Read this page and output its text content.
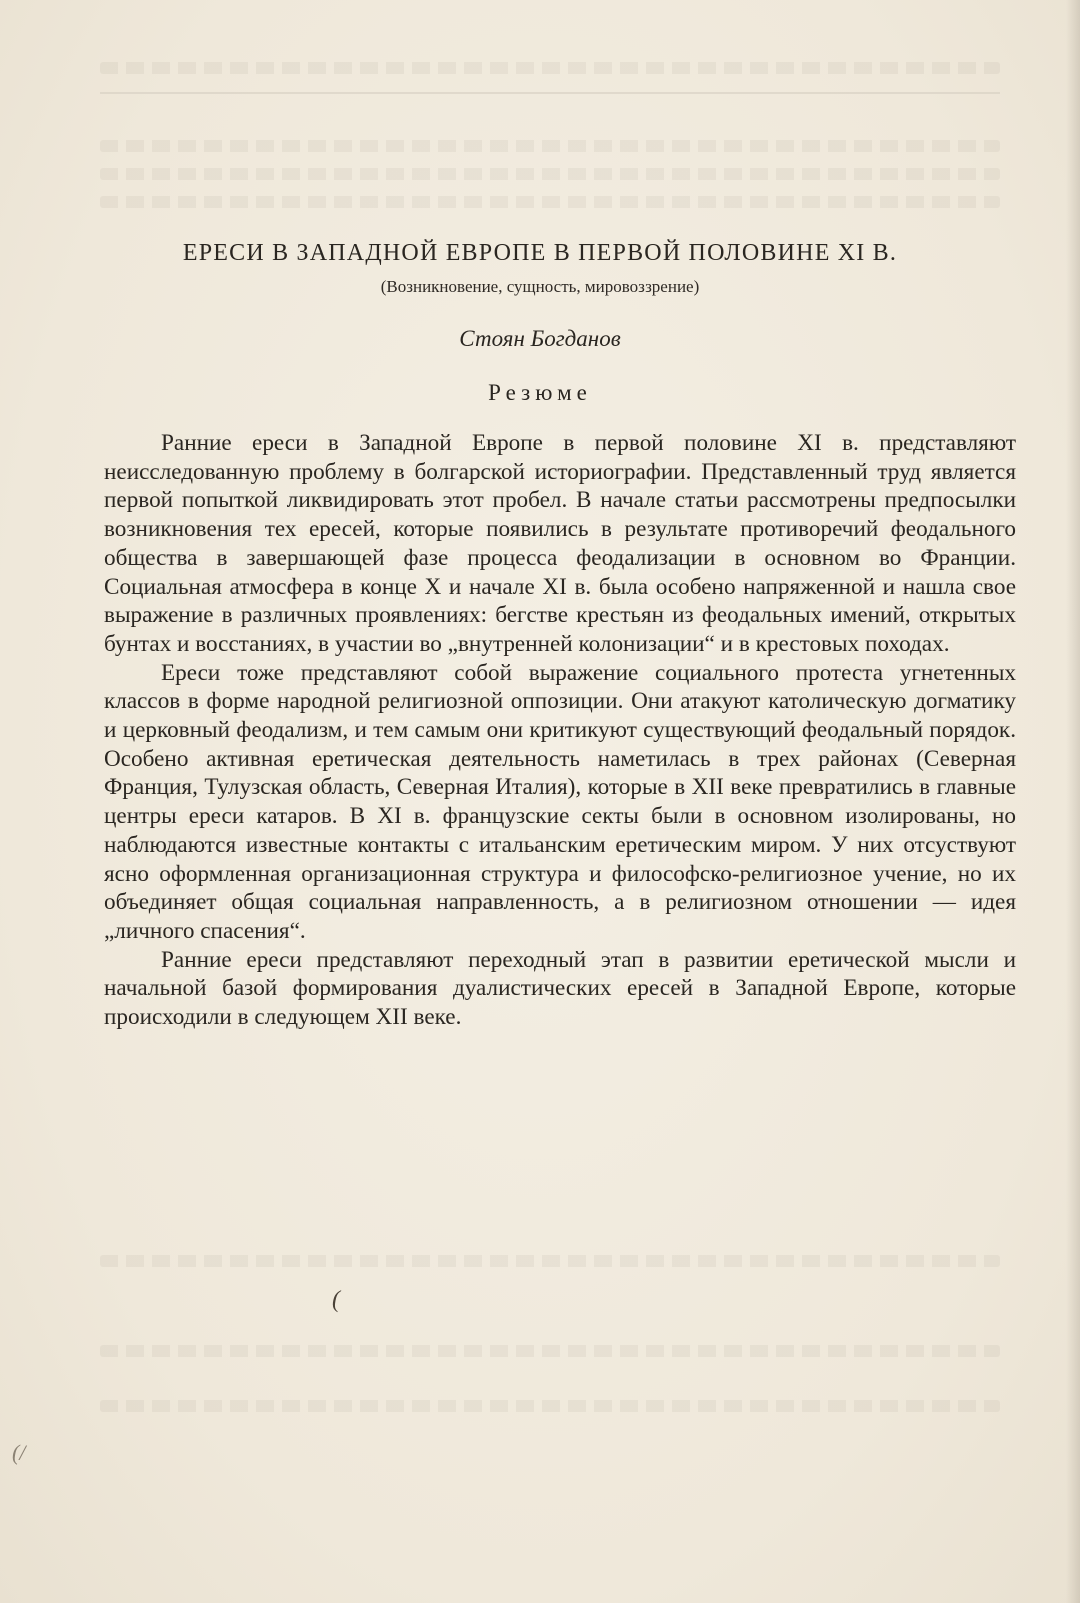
ЕРЕСИ В ЗАПАДНОЙ ЕВРОПЕ В ПЕРВОЙ ПОЛОВИНЕ XI В.
(Возникновение, сущность, мировоззрение)
Стоян Богданов
Резюме

Ранние ереси в Западной Европе в первой половине XI в. представляют неисследованную проблему в болгарской историографии. Представленный труд является первой попыткой ликвидировать этот пробел. В начале статьи рассмотрены предпосылки возникновения тех ересей, которые появились в результате противоречий феодального общества в завершающей фазе процесса феодализации в основном во Франции. Социальная атмосфера в конце X и начале XI в. была особено напряженной и нашла свое выражение в различных проявлениях: бегстве крестьян из феодальных имений, открытых бунтах и восстаниях, в участии во „внутренней колонизации“ и в крестовых походах.

Ереси тоже представляют собой выражение социального протеста угнетенных классов в форме народной религиозной оппозиции. Они атакуют католическую догматику и церковный феодализм, и тем самым они критикуют существующий феодальный порядок. Особено активная еретическая деятельность наметилась в трех районах (Северная Франция, Тулузская область, Северная Италия), которые в XII веке превратились в главные центры ереси катаров. В XI в. французские секты были в основном изолированы, но наблюдаются известные контакты с итальанским еретическим миром. У них отсуствуют ясно оформленная организационная структура и философско-религиозное учение, но их объединяет общая социальная направленность, а в религиозном отношении — идея „личного спасения“.

Ранние ереси представляют переходный этап в развитии еретической мысли и начальной базой формирования дуалистических ересей в Западной Европе, которые происходили в следующем XII веке.

(
(/
